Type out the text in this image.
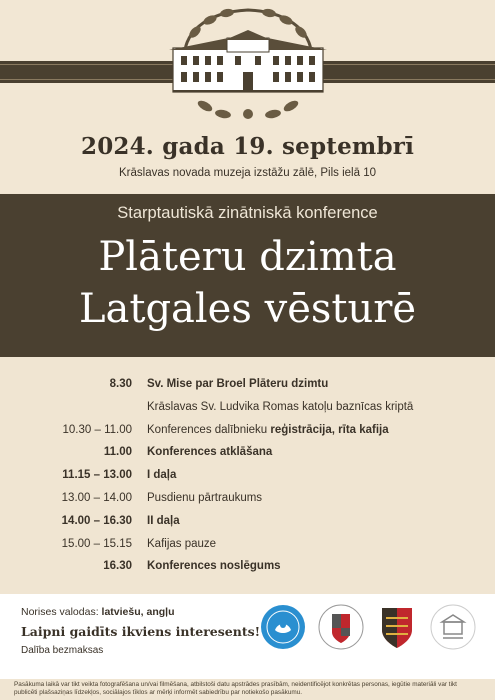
2024. gada 19. septembrī
Krāslavas novada muzeja izstāžu zālē, Pils ielā 10
Starptautiskā zinātniskā konference
Plāteru dzimta
Latgales vēsturē
8.30 Sv. Mise par Broel Plāteru dzimtu
Krāslavas Sv. Ludvika Romas katoļu baznīcas kriptā
10.30 – 11.00 Konferences dalībnieku reģistrācija, rīta kafija
11.00 Konferences atklāšana
11.15 – 13.00 I daļa
13.00 – 14.00 Pusdienu pārtraukums
14.00 – 16.30 II daļa
15.00 – 15.15 Kafijas pauze
16.30 Konferences noslēgums
Norises valodas: latviešu, angļu
Laipni gaidīts ikviens interesents!
Dalība bezmaksas
Pasākuma laikā var tikt veikta fotografēšana un/vai filmēšana, atbilstoši datu apstrādes prasībām, neidentificējot konkrētas personas, iegūtie materiāli var tikt publicēti plašsaziņas līdzekļos, sociālajos tīklos ar mērķi informēt sabiedrību par notiekošo pasākumu.
